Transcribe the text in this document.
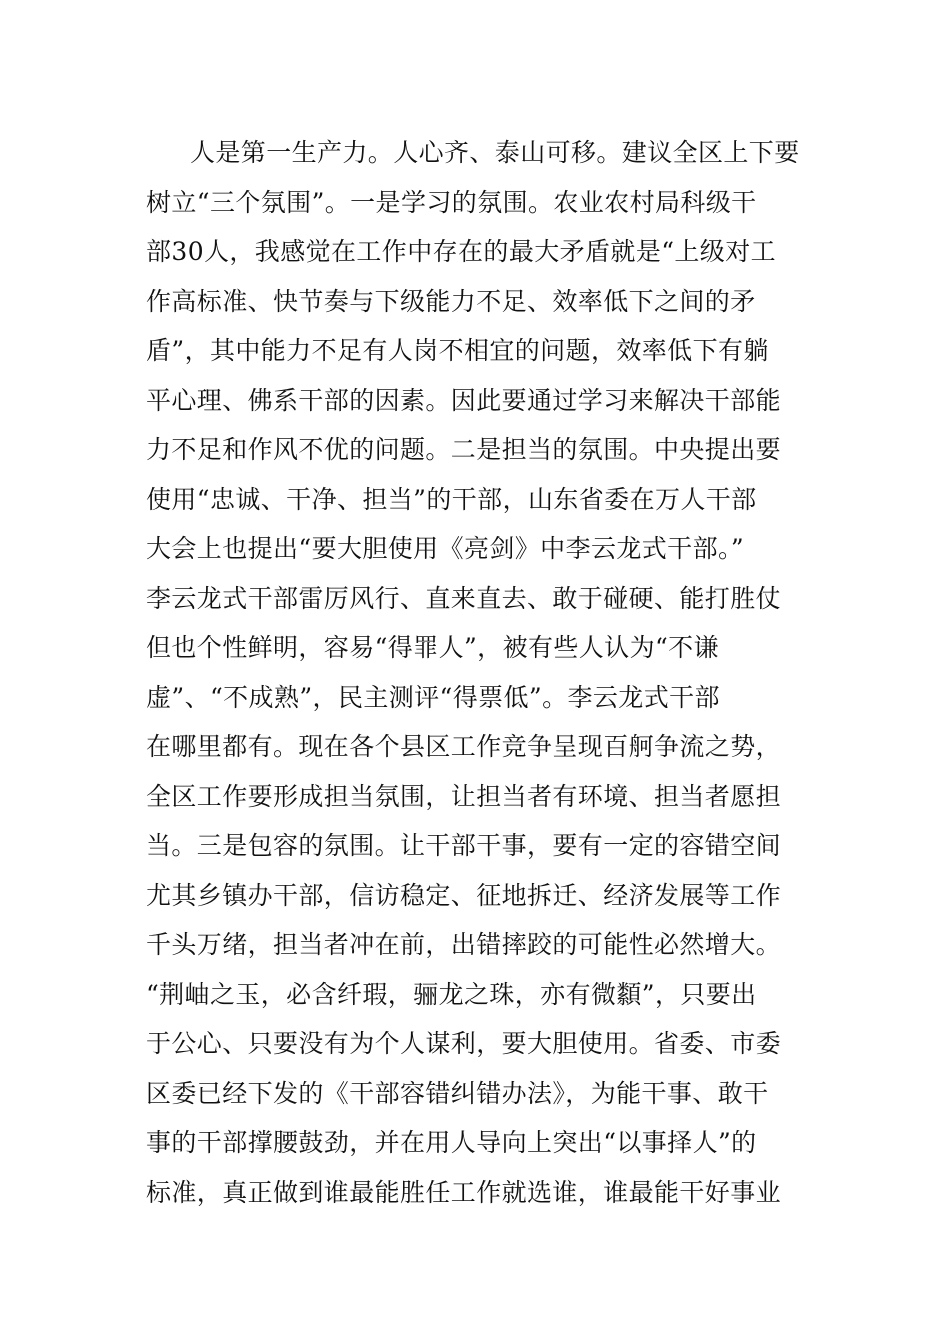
人是第一生产力。人心齐、泰山可移。建议全区上下要
树立“三个氛围”。一是学习的氛围。农业农村局科级干
部30人，我感觉在工作中存在的最大矛盾就是“上级对工
作高标准、快节奏与下级能力不足、效率低下之间的矛
盾”，其中能力不足有人岗不相宜的问题，效率低下有躺
平心理、佛系干部的因素。因此要通过学习来解决干部能
力不足和作风不优的问题。二是担当的氛围。中央提出要
使用“忠诚、干净、担当”的干部，山东省委在万人干部
大会上也提出“要大胆使用《亮剑》中李云龙式干部。”
李云龙式干部雷厉风行、直来直去、敢于碰硬、能打胜仗
但也个性鲜明，容易“得罪人”，被有些人认为“不谦
虚”、“不成熟”，民主测评“得票低”。李云龙式干部
在哪里都有。现在各个县区工作竞争呈现百舸争流之势，
全区工作要形成担当氛围，让担当者有环境、担当者愿担
当。三是包容的氛围。让干部干事，要有一定的容错空间
尤其乡镇办干部，信访稳定、征地拆迁、经济发展等工作
千头万绪，担当者冲在前，出错摔跤的可能性必然增大。
“荆岫之玉，必含纤瑕，骊龙之珠，亦有微纇”，只要出
于公心、只要没有为个人谋利，要大胆使用。省委、市委
区委已经下发的《干部容错纠错办法》，为能干事、敢干
事的干部撑腰鼓劲，并在用人导向上突出“以事择人”的
标准，真正做到谁最能胜任工作就选谁，谁最能干好事业
